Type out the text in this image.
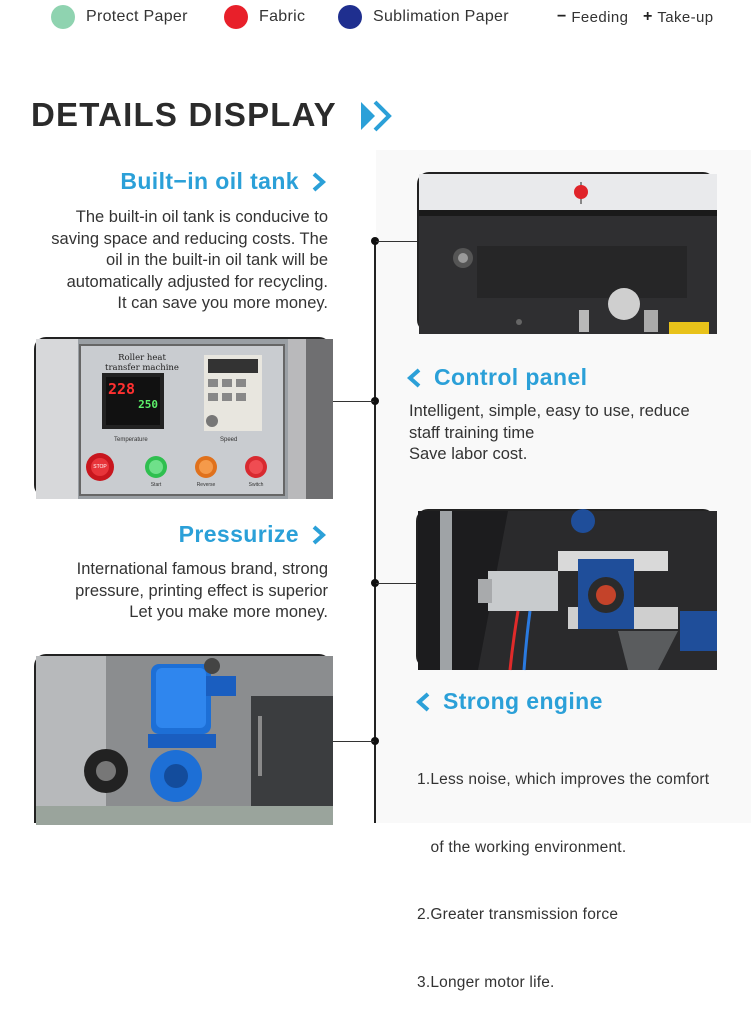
Protect Paper	Fabric	Sublimation Paper	− Feeding + Take-up
DETAILS DISPLAY
Built−in oil tank
The built-in oil tank is conducive to
saving space and reducing costs. The
oil in the built-in oil tank will be
automatically adjusted for recycling.
It can save you more money.
Roller heat
transfer machine
228
250
Temperature	Speed
STOP
Start	Reverse	Switch
Control panel
Intelligent, simple, easy to use, reduce
staff training time
Save labor cost.
Pressurize
International famous brand, strong
pressure, printing effect is superior
Let you make more money.
Strong engine

1.Less noise, which improves the comfort

of the working environment.

2.Greater transmission force

3.Longer motor life.
